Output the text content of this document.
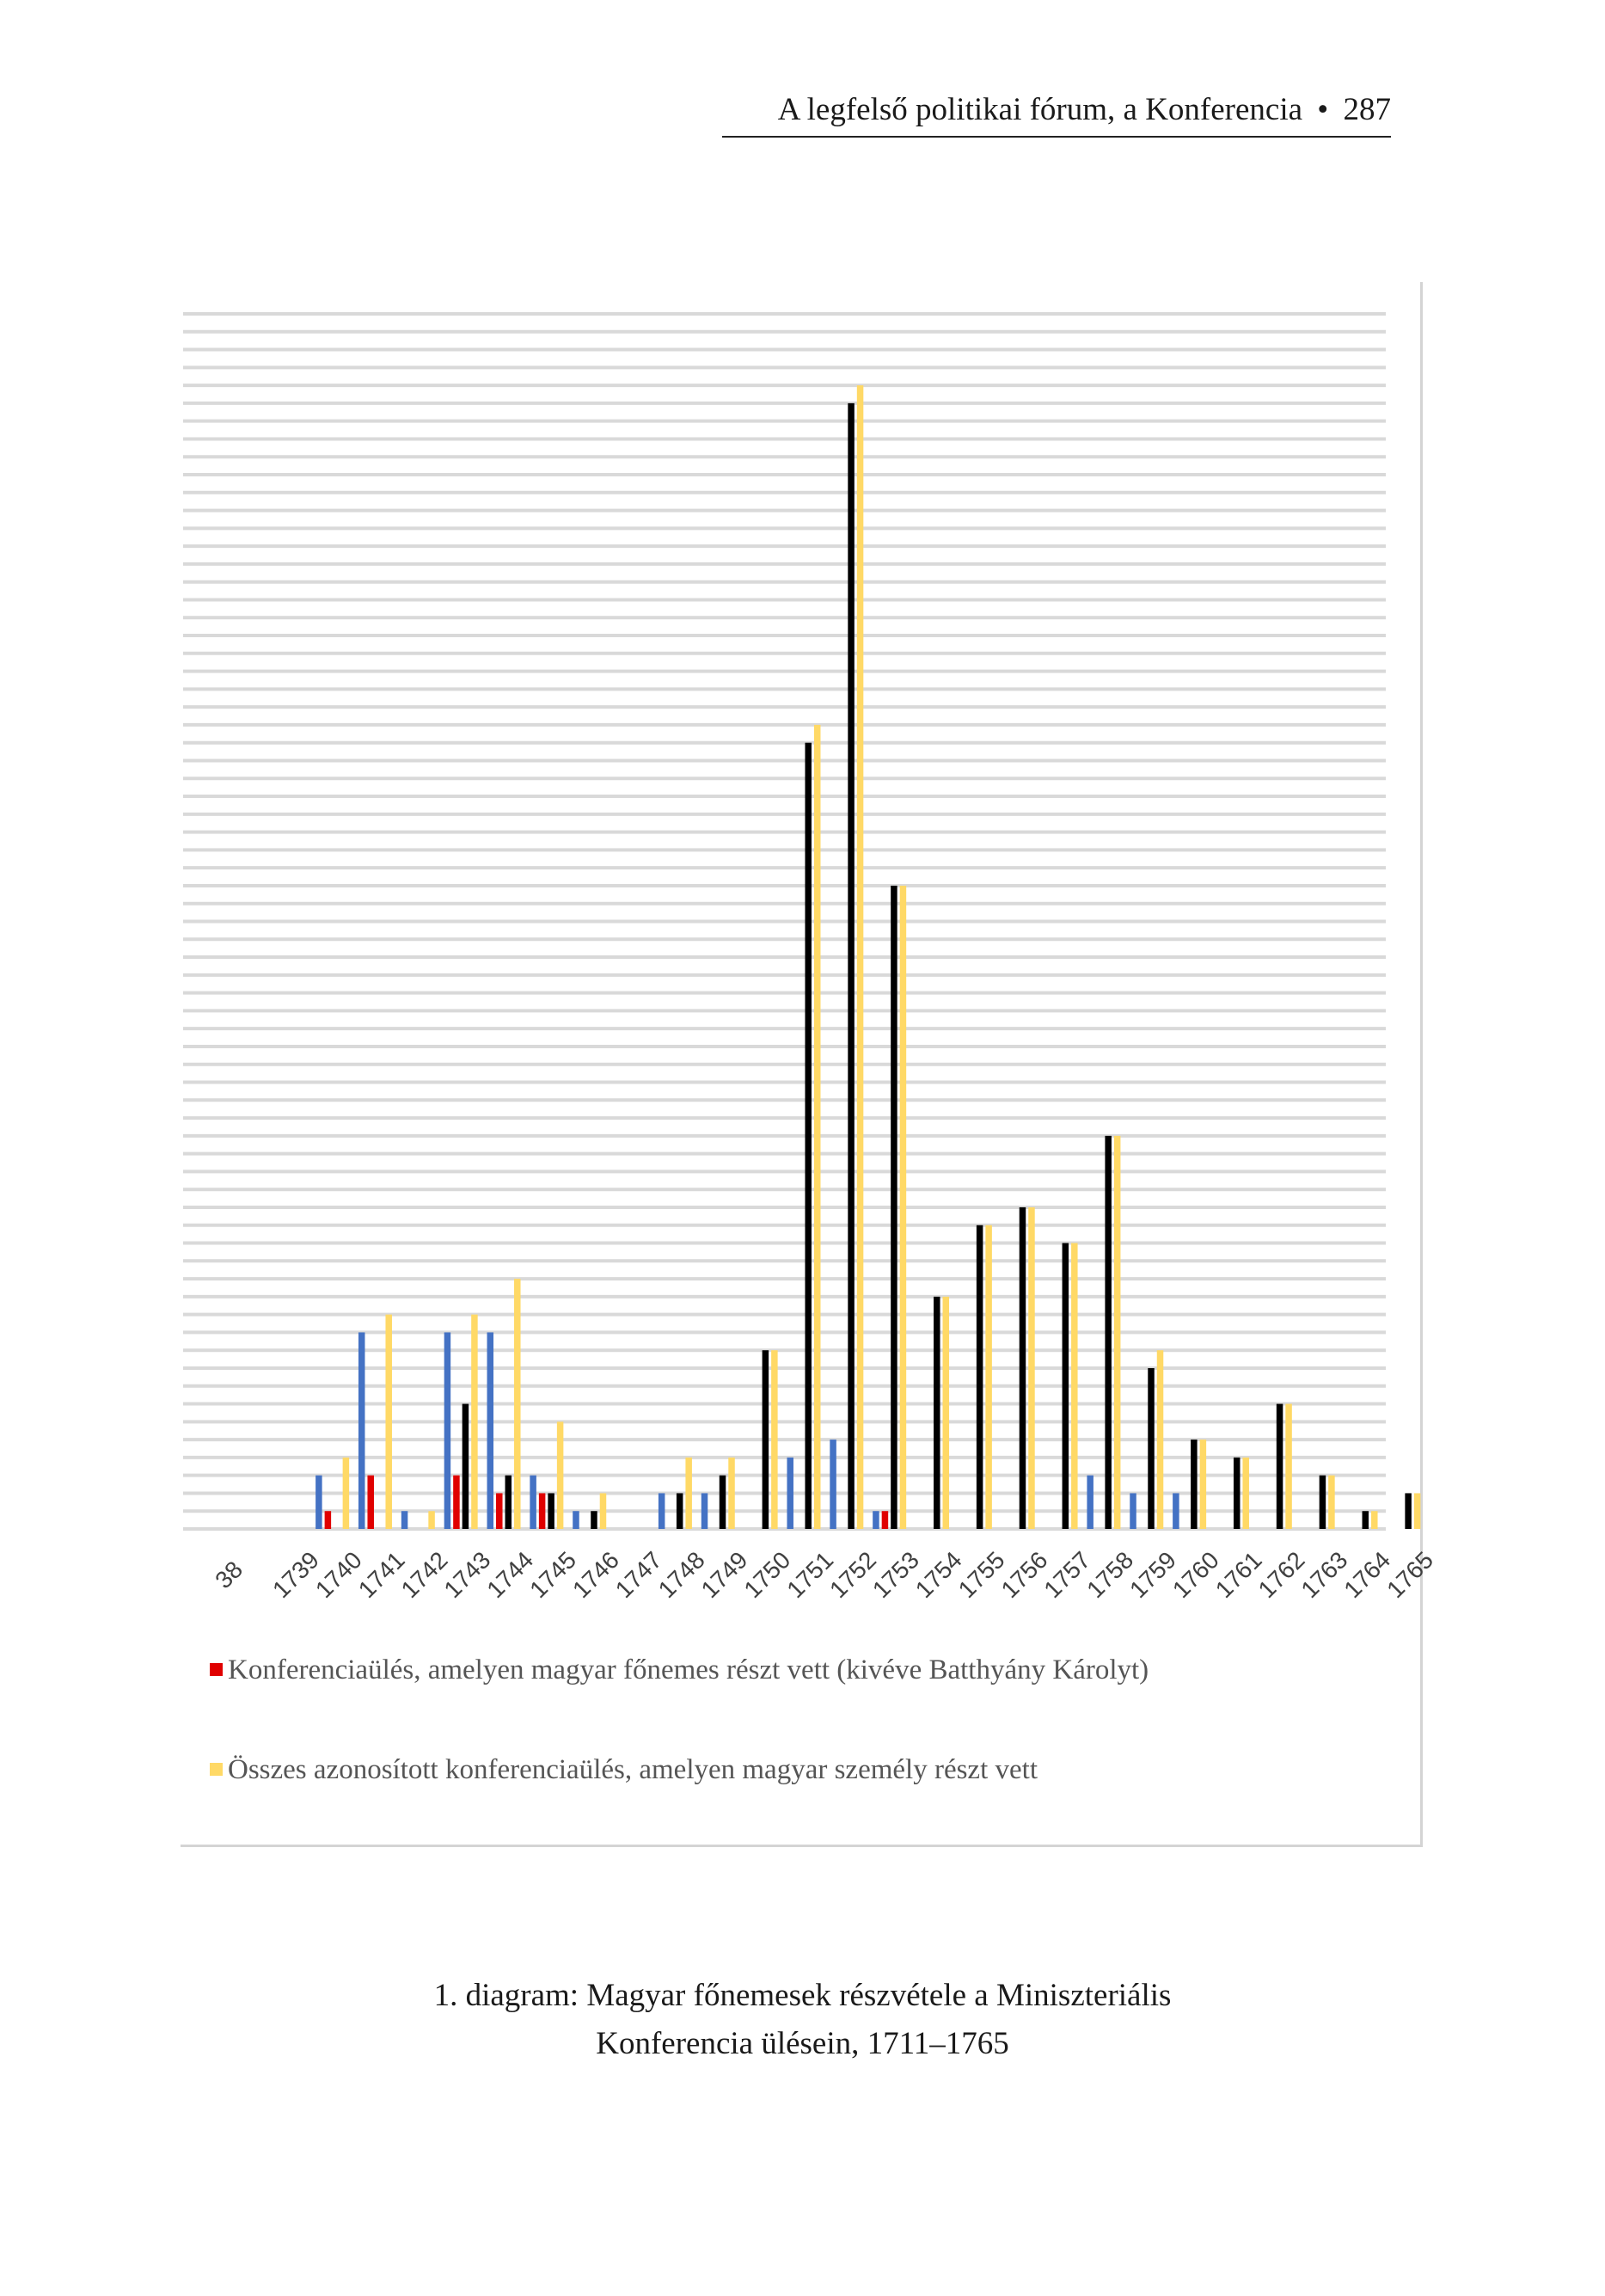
A legfelső politikai fórum, a Konferencia • 287
38 1739
1740
1741
1742
1743
1744
1745
1746
1747
1748
1749
1750
1751
1752
1753
1754
1755
1756
1757
1758
1759
1760
1761
1762
1763
1764
1765
Konferenciaülés, amelyen magyar főnemes részt vett (kivéve Batthyány Károlyt)
Összes azonosított konferenciaülés, amelyen magyar személy részt vett
1. diagram: Magyar főnemesek részvétele a Miniszteriális
Konferencia ülésein, 1711–1765
